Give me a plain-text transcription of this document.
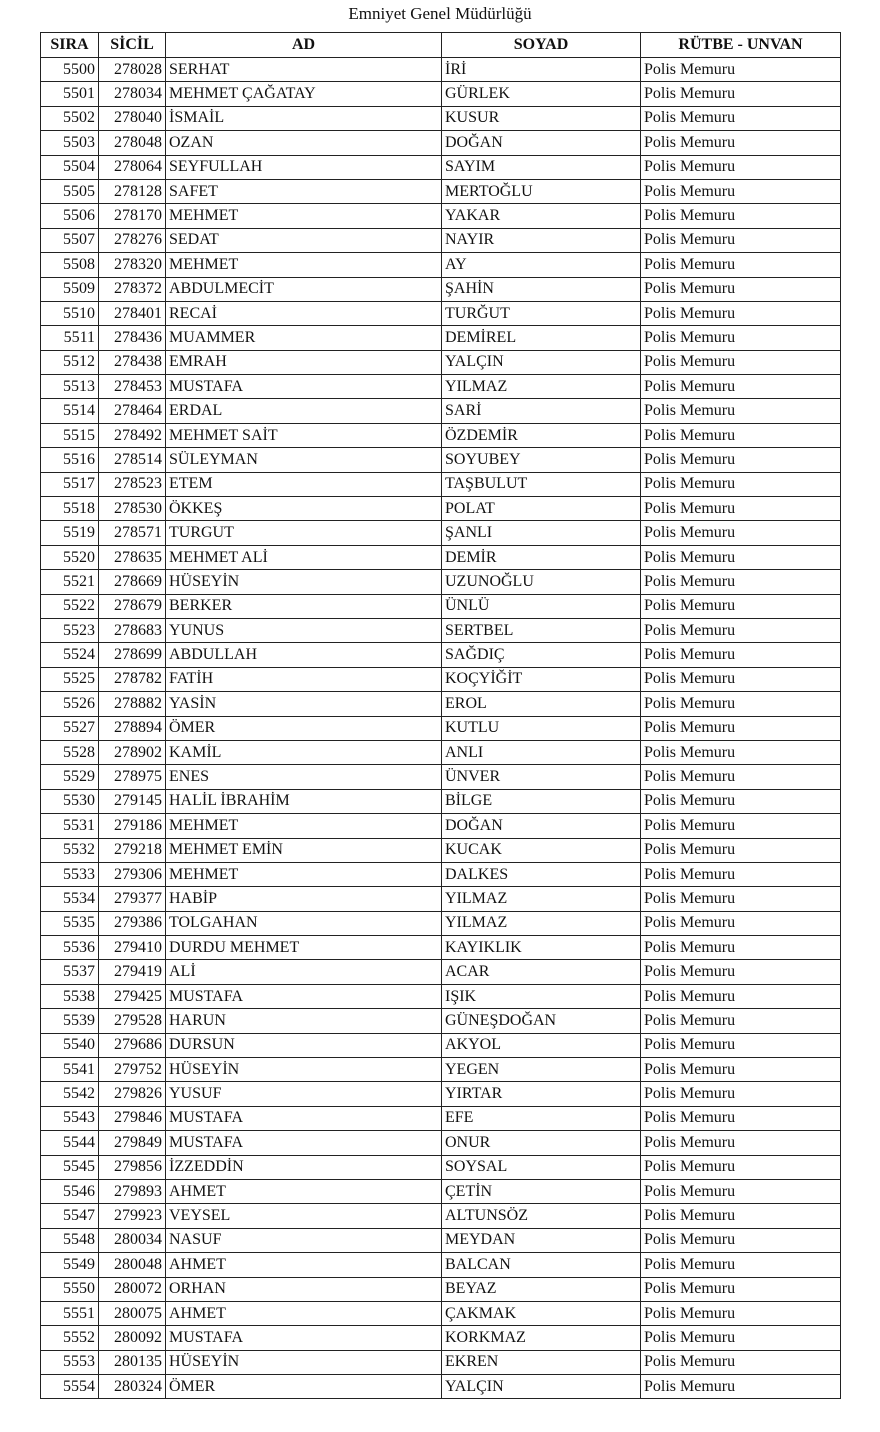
Emniyet Genel Müdürlüğü
SIRA	SİCİL	AD	SOYAD	RÜTBE - UNVAN
5500	278028	SERHAT	İRİ	Polis Memuru
5501	278034	MEHMET ÇAĞATAY	GÜRLEK	Polis Memuru
5502	278040	İSMAİL	KUSUR	Polis Memuru
5503	278048	OZAN	DOĞAN	Polis Memuru
5504	278064	SEYFULLAH	SAYIM	Polis Memuru
5505	278128	SAFET	MERTOĞLU	Polis Memuru
5506	278170	MEHMET	YAKAR	Polis Memuru
5507	278276	SEDAT	NAYIR	Polis Memuru
5508	278320	MEHMET	AY	Polis Memuru
5509	278372	ABDULMECİT	ŞAHİN	Polis Memuru
5510	278401	RECAİ	TURĞUT	Polis Memuru
5511	278436	MUAMMER	DEMİREL	Polis Memuru
5512	278438	EMRAH	YALÇIN	Polis Memuru
5513	278453	MUSTAFA	YILMAZ	Polis Memuru
5514	278464	ERDAL	SARİ	Polis Memuru
5515	278492	MEHMET SAİT	ÖZDEMİR	Polis Memuru
5516	278514	SÜLEYMAN	SOYUBEY	Polis Memuru
5517	278523	ETEM	TAŞBULUT	Polis Memuru
5518	278530	ÖKKEŞ	POLAT	Polis Memuru
5519	278571	TURGUT	ŞANLI	Polis Memuru
5520	278635	MEHMET ALİ	DEMİR	Polis Memuru
5521	278669	HÜSEYİN	UZUNOĞLU	Polis Memuru
5522	278679	BERKER	ÜNLÜ	Polis Memuru
5523	278683	YUNUS	SERTBEL	Polis Memuru
5524	278699	ABDULLAH	SAĞDIÇ	Polis Memuru
5525	278782	FATİH	KOÇYİĞİT	Polis Memuru
5526	278882	YASİN	EROL	Polis Memuru
5527	278894	ÖMER	KUTLU	Polis Memuru
5528	278902	KAMİL	ANLI	Polis Memuru
5529	278975	ENES	ÜNVER	Polis Memuru
5530	279145	HALİL İBRAHİM	BİLGE	Polis Memuru
5531	279186	MEHMET	DOĞAN	Polis Memuru
5532	279218	MEHMET EMİN	KUCAK	Polis Memuru
5533	279306	MEHMET	DALKES	Polis Memuru
5534	279377	HABİP	YILMAZ	Polis Memuru
5535	279386	TOLGAHAN	YILMAZ	Polis Memuru
5536	279410	DURDU MEHMET	KAYIKLIK	Polis Memuru
5537	279419	ALİ	ACAR	Polis Memuru
5538	279425	MUSTAFA	IŞIK	Polis Memuru
5539	279528	HARUN	GÜNEŞDOĞAN	Polis Memuru
5540	279686	DURSUN	AKYOL	Polis Memuru
5541	279752	HÜSEYİN	YEGEN	Polis Memuru
5542	279826	YUSUF	YIRTAR	Polis Memuru
5543	279846	MUSTAFA	EFE	Polis Memuru
5544	279849	MUSTAFA	ONUR	Polis Memuru
5545	279856	İZZEDDİN	SOYSAL	Polis Memuru
5546	279893	AHMET	ÇETİN	Polis Memuru
5547	279923	VEYSEL	ALTUNSÖZ	Polis Memuru
5548	280034	NASUF	MEYDAN	Polis Memuru
5549	280048	AHMET	BALCAN	Polis Memuru
5550	280072	ORHAN	BEYAZ	Polis Memuru
5551	280075	AHMET	ÇAKMAK	Polis Memuru
5552	280092	MUSTAFA	KORKMAZ	Polis Memuru
5553	280135	HÜSEYİN	EKREN	Polis Memuru
5554	280324	ÖMER	YALÇIN	Polis Memuru
